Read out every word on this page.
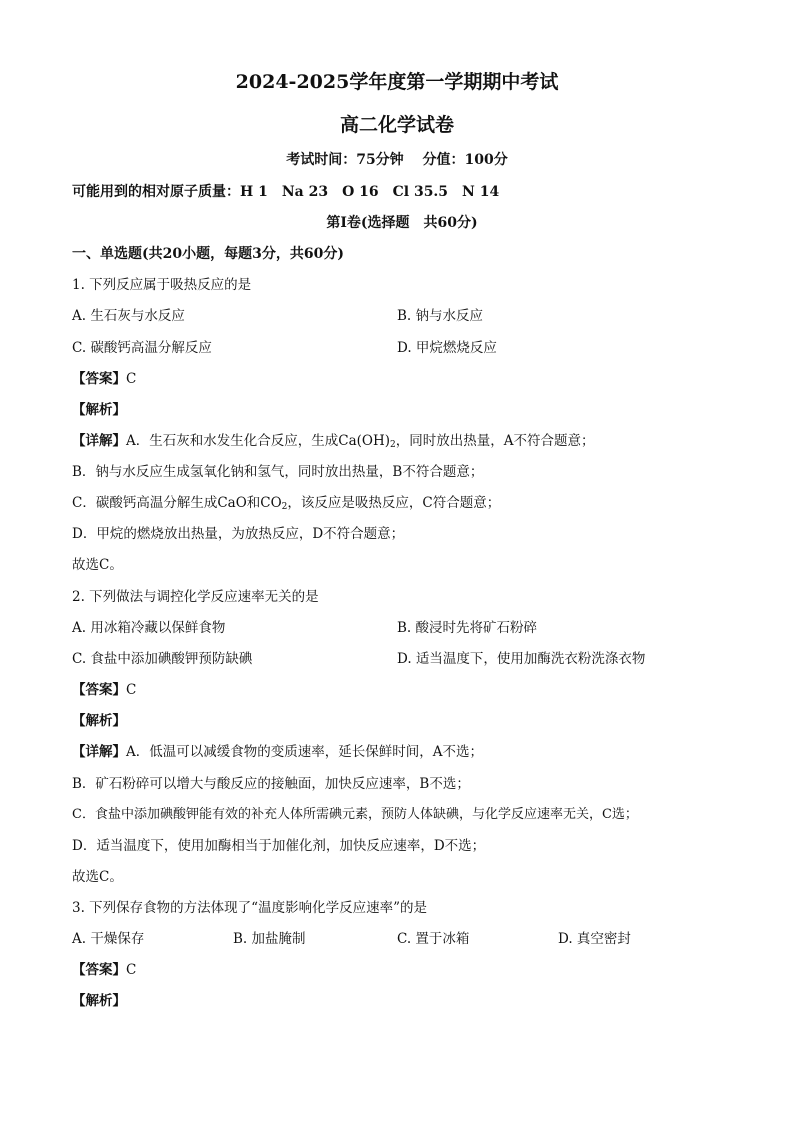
2024-2025学年度第一学期期中考试
高二化学试卷
考试时间：75分钟　 分值：100分
可能用到的相对原子质量：H 1　Na 23　O 16　Cl 35.5　N 14
第Ⅰ卷(选择题　共60分)
一、单选题(共20小题，每题3分，共60分)
1. 下列反应属于吸热反应的是
A. 生石灰与水反应	B. 钠与水反应
C. 碳酸钙高温分解反应	D. 甲烷燃烧反应
【答案】C
【解析】
【详解】A．生石灰和水发生化合反应，生成$Ca(OH)_2$，同时放出热量，A不符合题意；
B．钠与水反应生成氢氧化钠和氢气，同时放出热量，B不符合题意；
C．碳酸钙高温分解生成CaO和$CO_2$，该反应是吸热反应，C符合题意；
D．甲烷的燃烧放出热量，为放热反应，D不符合题意；
故选C。
2. 下列做法与调控化学反应速率无关的是
A. 用冰箱冷藏以保鲜食物	B. 酸浸时先将矿石粉碎
C. 食盐中添加碘酸钾预防缺碘	D. 适当温度下，使用加酶洗衣粉洗涤衣物
【答案】C
【解析】
【详解】A．低温可以减缓食物的变质速率，延长保鲜时间，A不选；
B．矿石粉碎可以增大与酸反应的接触面，加快反应速率，B不选；
C．食盐中添加碘酸钾能有效的补充人体所需碘元素，预防人体缺碘，与化学反应速率无关，C选；
D．适当温度下，使用加酶相当于加催化剂，加快反应速率，D不选；
故选C。
3. 下列保存食物的方法体现了“温度影响化学反应速率”的是
A. 干燥保存	B. 加盐腌制	C. 置于冰箱	D. 真空密封
【答案】C
【解析】
